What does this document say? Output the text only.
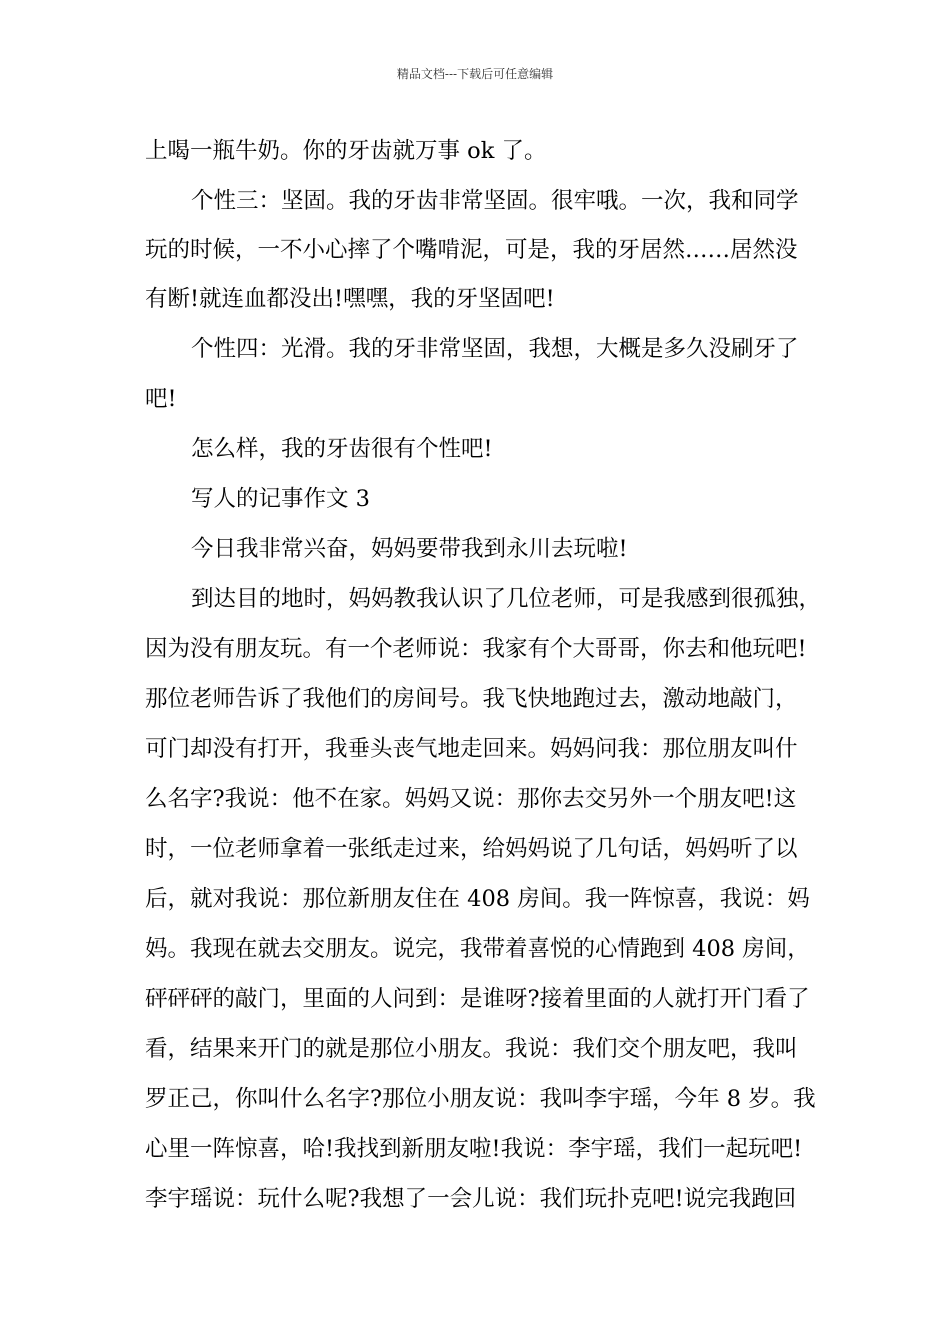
精品文档---下载后可任意编辑
上喝一瓶牛奶。你的牙齿就万事 ok 了。
个性三：坚固。我的牙齿非常坚固。很牢哦。一次，我和同学
玩的时候，一不小心摔了个嘴啃泥，可是，我的牙居然……居然没
有断!就连血都没出!嘿嘿，我的牙坚固吧!
个性四：光滑。我的牙非常坚固，我想，大概是多久没刷牙了
吧!
怎么样，我的牙齿很有个性吧!
写人的记事作文 3
今日我非常兴奋，妈妈要带我到永川去玩啦!
到达目的地时，妈妈教我认识了几位老师，可是我感到很孤独，
因为没有朋友玩。有一个老师说：我家有个大哥哥，你去和他玩吧!
那位老师告诉了我他们的房间号。我飞快地跑过去，激动地敲门，
可门却没有打开，我垂头丧气地走回来。妈妈问我：那位朋友叫什
么名字?我说：他不在家。妈妈又说：那你去交另外一个朋友吧!这
时，一位老师拿着一张纸走过来，给妈妈说了几句话，妈妈听了以
后，就对我说：那位新朋友住在 408 房间。我一阵惊喜，我说：妈
妈。我现在就去交朋友。说完，我带着喜悦的心情跑到 408 房间，
砰砰砰的敲门，里面的人问到：是谁呀?接着里面的人就打开门看了
看，结果来开门的就是那位小朋友。我说：我们交个朋友吧，我叫
罗正己，你叫什么名字?那位小朋友说：我叫李宇瑶，今年 8 岁。我
心里一阵惊喜，哈!我找到新朋友啦!我说：李宇瑶，我们一起玩吧!
李宇瑶说：玩什么呢?我想了一会儿说：我们玩扑克吧!说完我跑回
